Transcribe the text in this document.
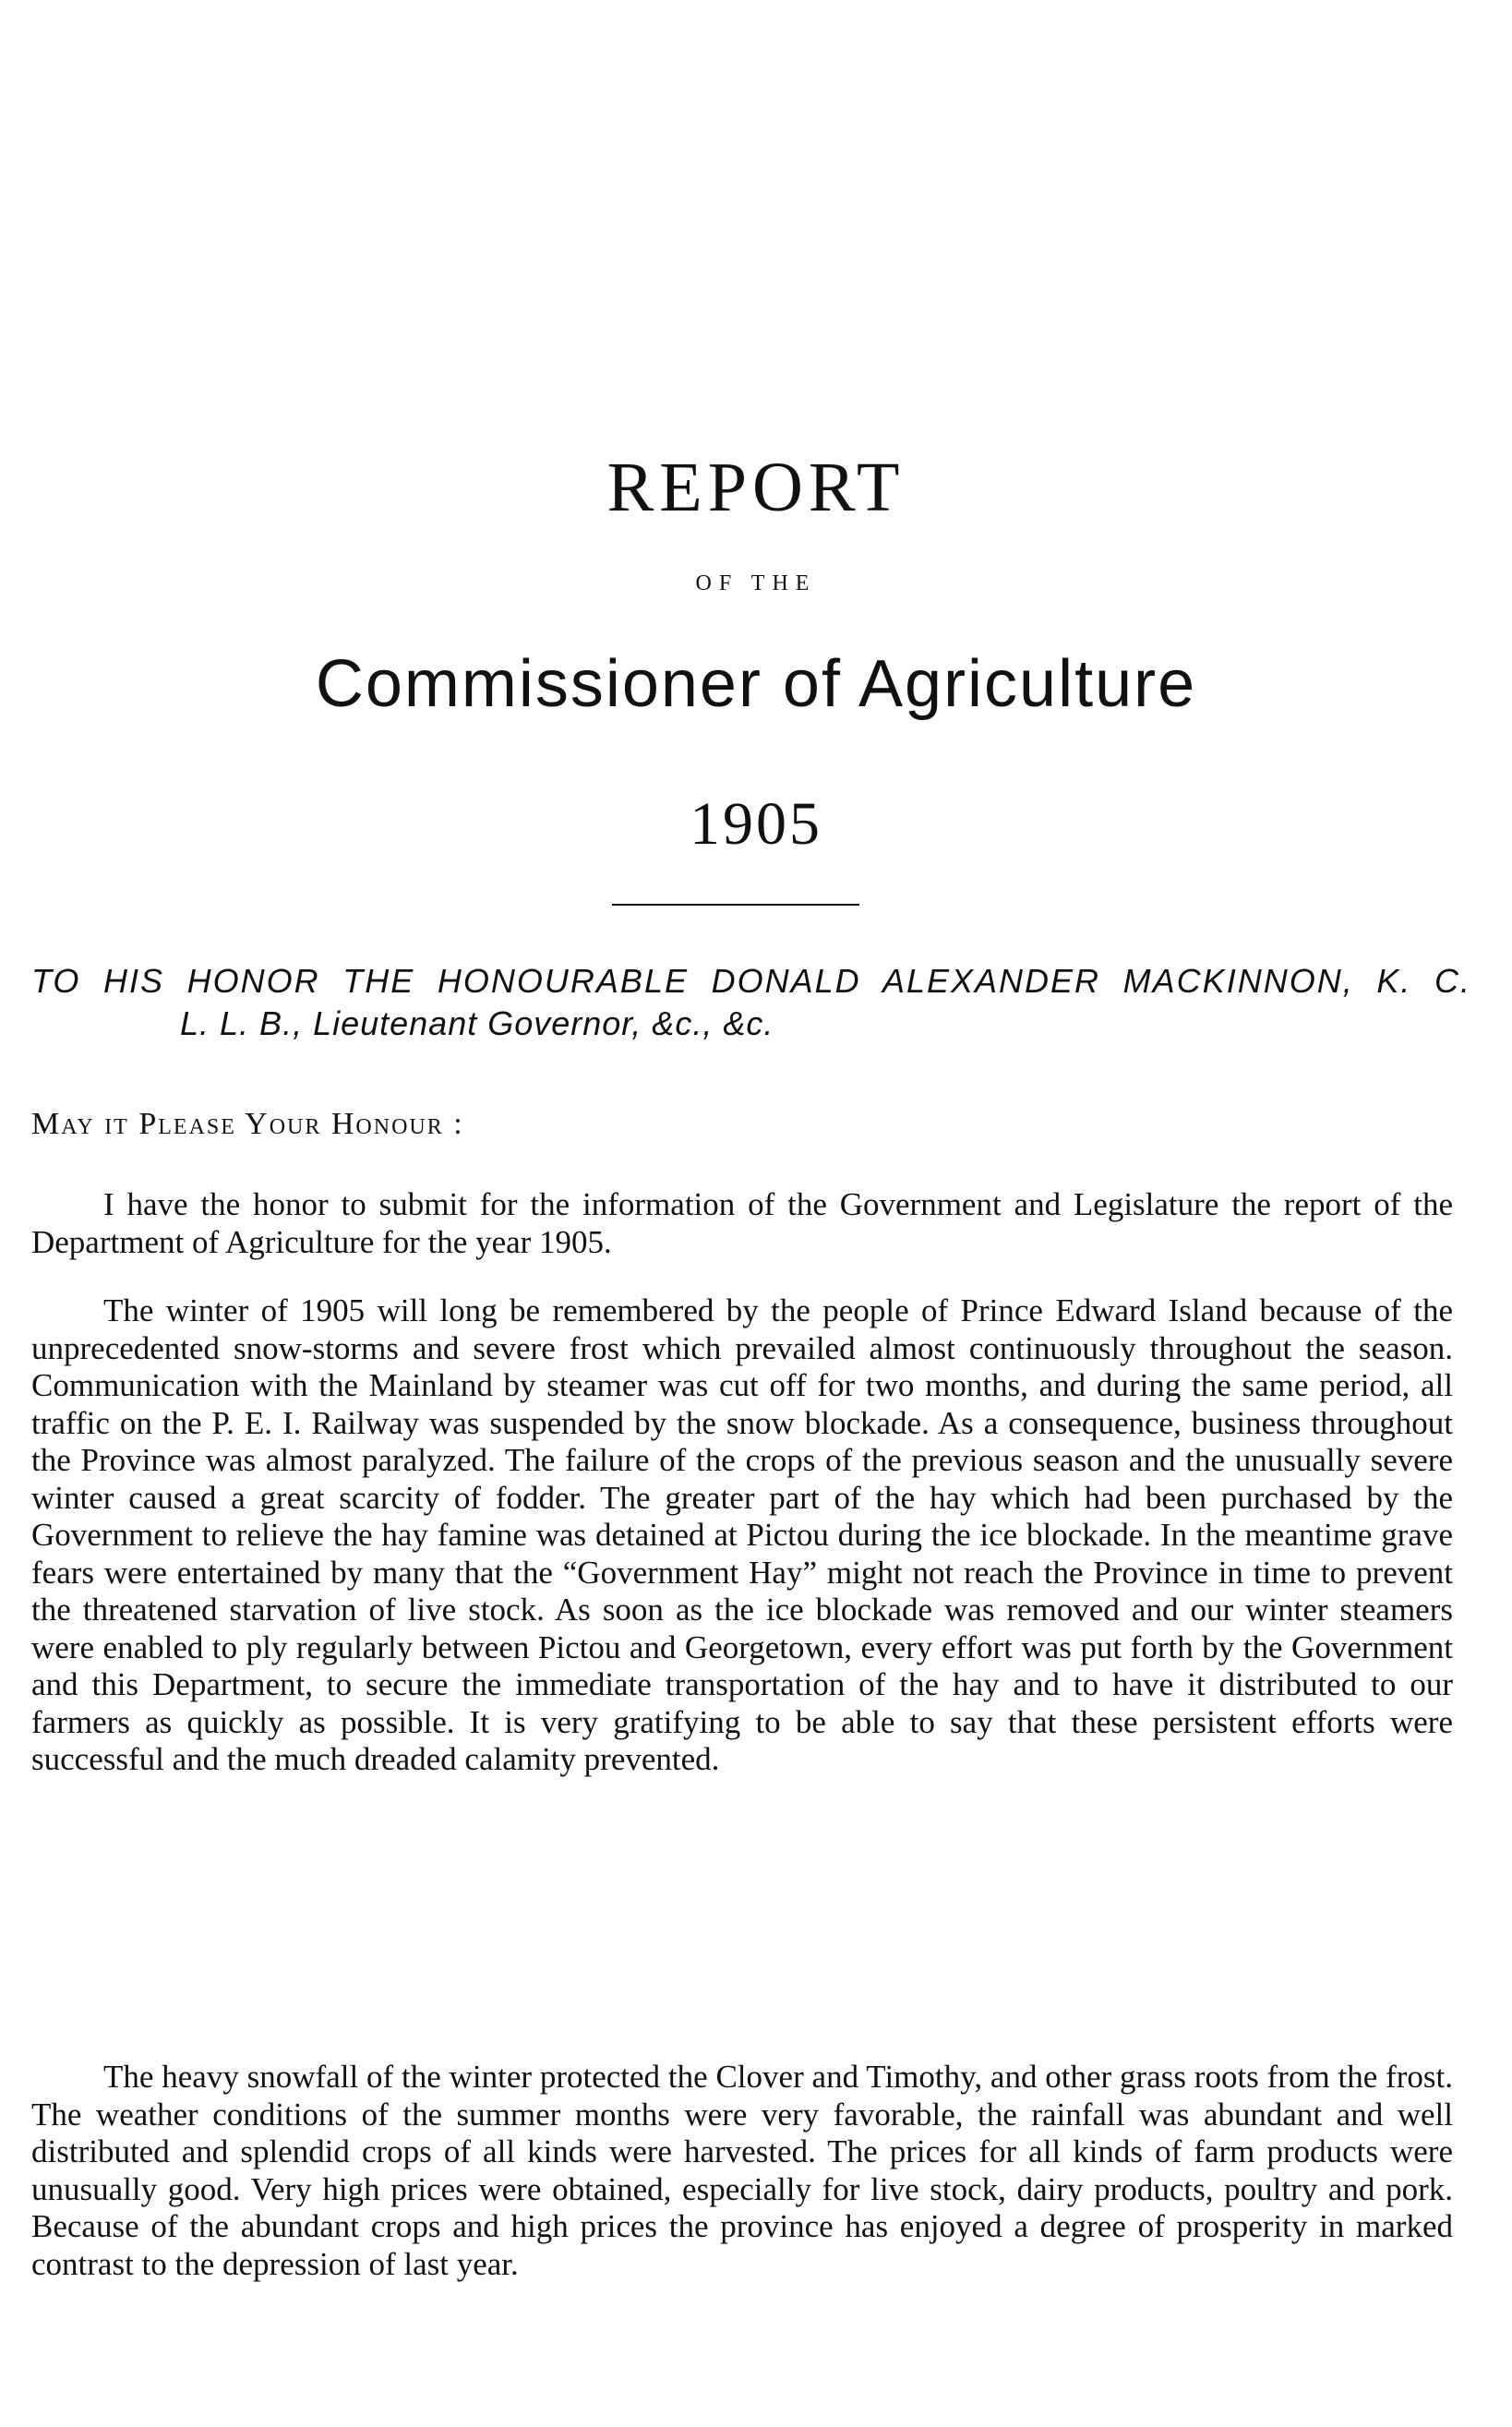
REPORT
OF THE
Commissioner of Agriculture
1905

TO HIS HONOR THE HONOURABLE DONALD ALEXANDER MACKINNON, K. C.

L. L. B., Lieutenant Governor, &c., &c.

May it Please Your Honour :

I have the honor to submit for the information of the Government and Legislature the report of the Department of Agriculture for the year 1905.

The winter of 1905 will long be remembered by the people of Prince Edward Island because of the unprecedented snow-storms and severe frost which prevailed almost continuously throughout the season. Communication with the Mainland by steamer was cut off for two months, and during the same period, all traffic on the P. E. I. Railway was suspended by the snow blockade. As a consequence, business throughout the Province was almost paralyzed. The failure of the crops of the previous season and the unusually severe winter caused a great scarcity of fodder. The greater part of the hay which had been purchased by the Government to relieve the hay famine was detained at Pictou during the ice blockade. In the meantime grave fears were entertained by many that the “Government Hay” might not reach the Province in time to prevent the threatened starvation of live stock. As soon as the ice blockade was removed and our winter steamers were enabled to ply regularly between Pictou and Georgetown, every effort was put forth by the Government and this Department, to secure the immediate transportation of the hay and to have it distributed to our farmers as quickly as possible. It is very gratifying to be able to say that these persistent efforts were successful and the much dreaded calamity prevented.

The heavy snowfall of the winter protected the Clover and Timothy, and other grass roots from the frost. The weather conditions of the summer months were very favorable, the rainfall was abundant and well distributed and splendid crops of all kinds were harvested. The prices for all kinds of farm products were unusually good. Very high prices were obtained, especially for live stock, dairy products, poultry and pork. Because of the abundant crops and high prices the province has enjoyed a degree of prosperity in marked contrast to the depression of last year.
